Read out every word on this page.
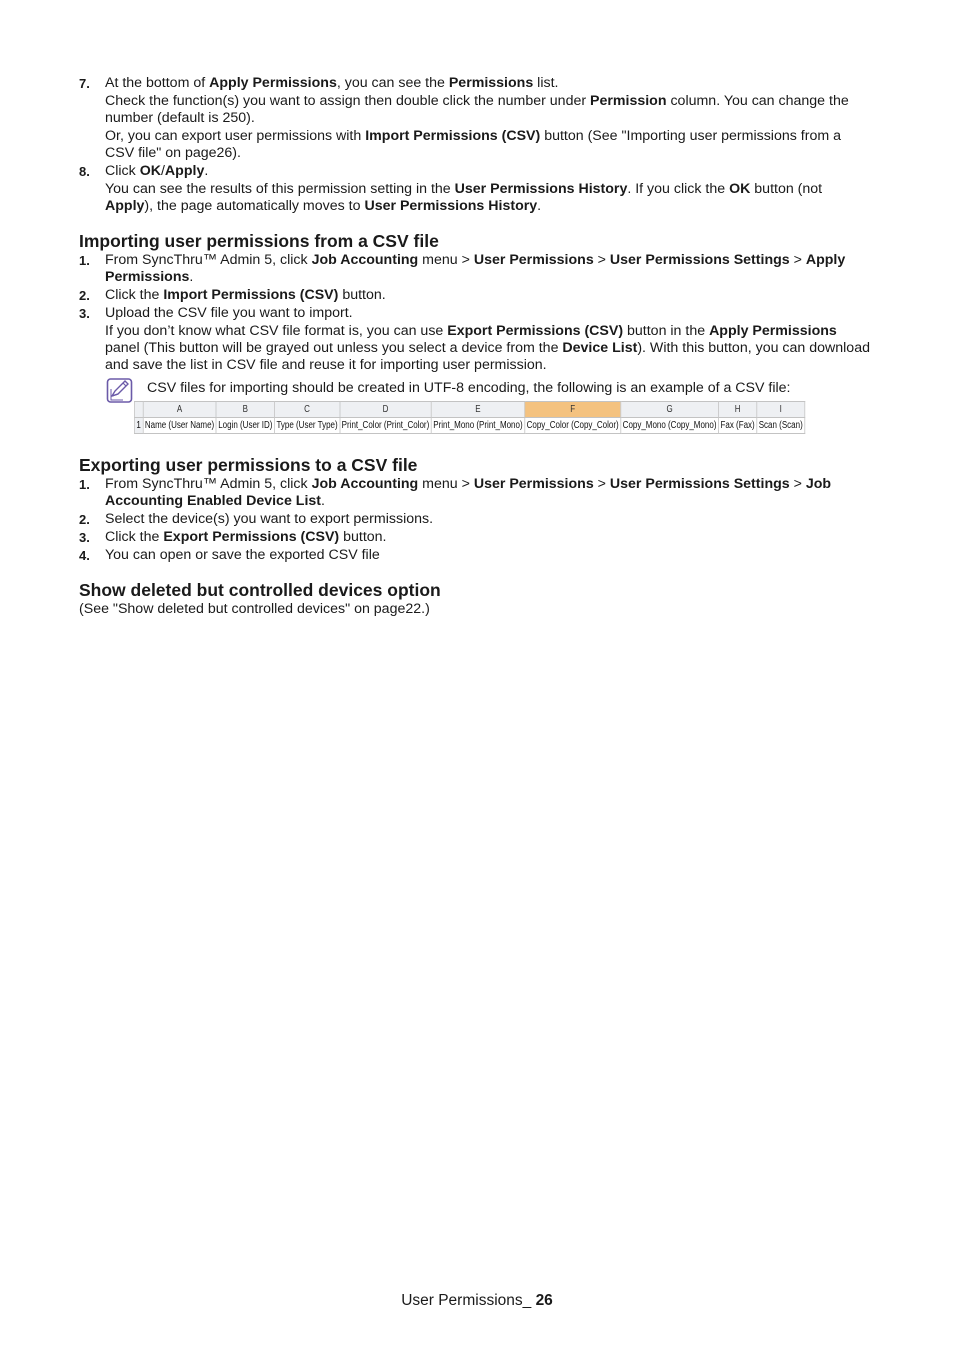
7. At the bottom of Apply Permissions, you can see the Permissions list.

Check the function(s) you want to assign then double click the number under Permission column. You can change the number (default is 250).

Or, you can export user permissions with Import Permissions (CSV) button (See "Importing user permissions from a CSV file" on page26).

8. Click OK/Apply.

You can see the results of this permission setting in the User Permissions History. If you click the OK button (not Apply), the page automatically moves to User Permissions History.

Importing user permissions from a CSV file
1. From SyncThru™ Admin 5, click Job Accounting menu > User Permissions > User Permissions Settings > Apply Permissions.

2. Click the Import Permissions (CSV) button.

3. Upload the CSV file you want to import.

If you don’t know what CSV file format is, you can use Export Permissions (CSV) button in the Apply Permissions panel (This button will be grayed out unless you select a device from the Device List). With this button, you can download and save the list in CSV file and reuse it for importing user permission.

CSV files for importing should be created in UTF-8 encoding, the following is an example of a CSV file:
	A	B	C	D	E	F	G	H	I
1	Name (User Name)	Login (User ID)	Type (User Type)	Print_Color (Print_Color)	Print_Mono (Print_Mono)	Copy_Color (Copy_Color)	Copy_Mono (Copy_Mono)	Fax (Fax)	Scan (Scan)
Exporting user permissions to a CSV file
1. From SyncThru™ Admin 5, click Job Accounting menu > User Permissions > User Permissions Settings > Job Accounting Enabled Device List.

2. Select the device(s) you want to export permissions.

3. Click the Export Permissions (CSV) button.

4. You can open or save the exported CSV file

Show deleted but controlled devices option

(See "Show deleted but controlled devices" on page22.)

User Permissions_ 26
